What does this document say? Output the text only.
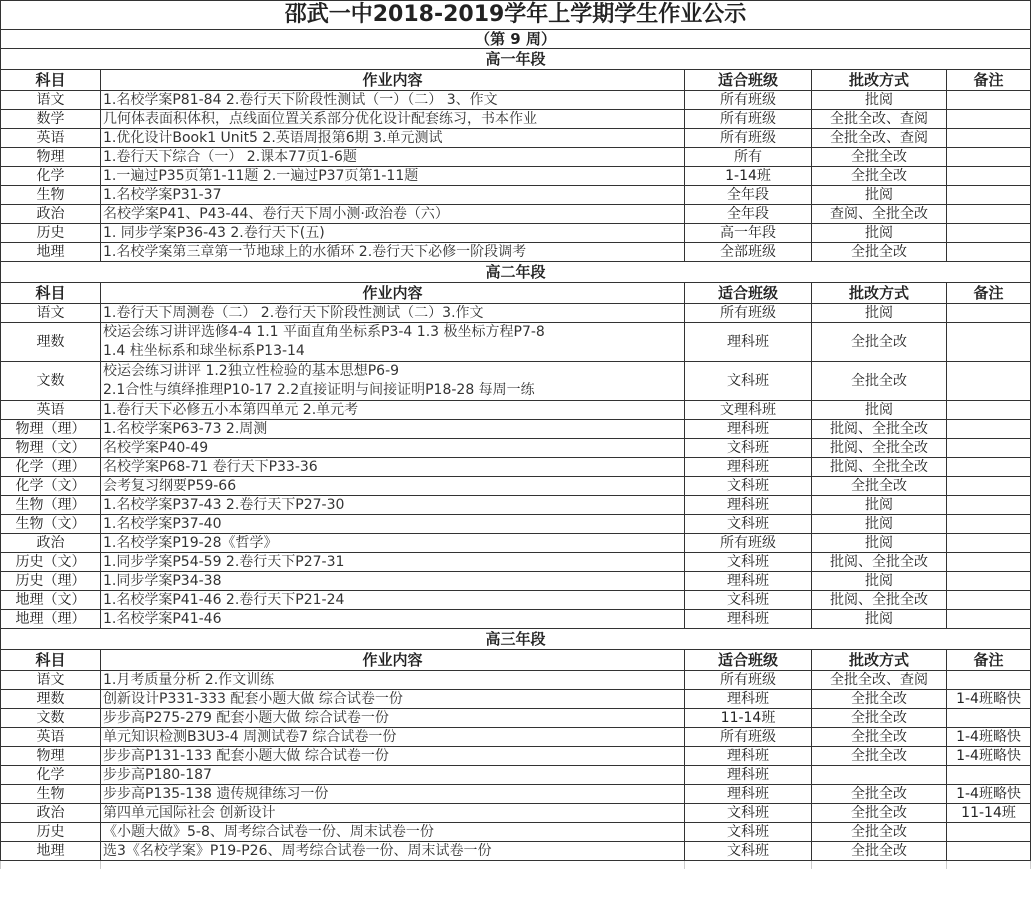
邵武一中2018-2019学年上学期学生作业公示				
（第 9 周）				
高一年段				
科目	作业内容	适合班级	批改方式	备注
语文	1.名校学案P81-84 2.卷行天下阶段性测试（一）（二） 3、作文	所有班级	批阅	
数学	几何体表面积体积，点线面位置关系部分优化设计配套练习，书本作业	所有班级	全批全改、查阅	
英语	1.优化设计Book1 Unit5 2.英语周报第6期 3.单元测试	所有班级	全批全改、查阅	
物理	1.卷行天下综合（一） 2.课本77页1-6题	所有	全批全改	
化学	1.一遍过P35页第1-11题 2.一遍过P37页第1-11题	1-14班	全批全改	
生物	1.名校学案P31-37	全年段	批阅	
政治	名校学案P41、P43-44、卷行天下周小测·政治卷（六）	全年段	查阅、全批全改	
历史	1. 同步学案P36-43 2.卷行天下(五)	高一年段	批阅	
地理	1.名校学案第三章第一节地球上的水循环 2.卷行天下必修一阶段调考	全部班级	全批全改	
高二年段				
科目	作业内容	适合班级	批改方式	备注
语文	1.卷行天下周测卷（二） 2.卷行天下阶段性测试（二）3.作文	所有班级	批阅	
理数	校运会练习讲评选修4-4 1.1 平面直角坐标系P3-4 1.3 极坐标方程P7-8
1.4 柱坐标系和球坐标系P13-14	理科班	全批全改	
文数	校运会练习讲评 1.2独立性检验的基本思想P6-9
2.1合性与缜绎推理P10-17 2.2直接证明与间接证明P18-28 每周一练	文科班	全批全改	
英语	1.卷行天下必修五小本第四单元 2.单元考	文理科班	批阅	
物理（理）	1.名校学案P63-73 2.周测	理科班	批阅、全批全改	
物理（文）	名校学案P40-49	文科班	批阅、全批全改	
化学（理）	名校学案P68-71 卷行天下P33-36	理科班	批阅、全批全改	
化学（文）	会考复习纲要P59-66	文科班	全批全改	
生物（理）	1.名校学案P37-43 2.卷行天下P27-30	理科班	批阅	
生物（文）	1.名校学案P37-40	文科班	批阅	
政治	1.名校学案P19-28《哲学》	所有班级	批阅	
历史（文）	1.同步学案P54-59 2.卷行天下P27-31	文科班	批阅、全批全改	
历史（理）	1.同步学案P34-38	理科班	批阅	
地理（文）	1.名校学案P41-46 2.卷行天下P21-24	文科班	批阅、全批全改	
地理（理）	1.名校学案P41-46	理科班	批阅	
高三年段				
科目	作业内容	适合班级	批改方式	备注
语文	1.月考质量分析 2.作文训练	所有班级	全批全改、查阅	
理数	创新设计P331-333 配套小题大做 综合试卷一份	理科班	全批全改	1-4班略快
文数	步步高P275-279 配套小题大做 综合试卷一份	11-14班	全批全改	
英语	单元知识检测B3U3-4 周测试卷7 综合试卷一份	所有班级	全批全改	1-4班略快
物理	步步高P131-133 配套小题大做 综合试卷一份	理科班	全批全改	1-4班略快
化学	步步高P180-187	理科班		
生物	步步高P135-138 遗传规律练习一份	理科班	全批全改	1-4班略快
政治	第四单元国际社会 创新设计	文科班	全批全改	11-14班
历史	《小题大做》5-8、周考综合试卷一份、周末试卷一份	文科班	全批全改	
地理	选3《名校学案》P19-P26、周考综合试卷一份、周末试卷一份	文科班	全批全改	
